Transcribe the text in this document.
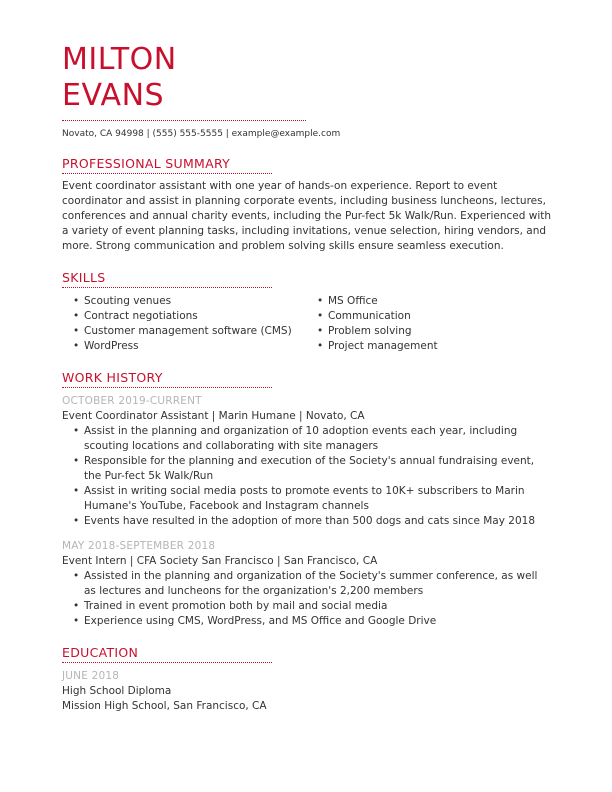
MILTON
EVANS
Novato, CA 94998 | (555) 555-5555 | example@example.com
PROFESSIONAL SUMMARY
Event coordinator assistant with one year of hands-on experience. Report to event coordinator and assist in planning corporate events, including business luncheons, lectures, conferences and annual charity events, including the Pur-fect 5k Walk/Run. Experienced with a variety of event planning tasks, including invitations, venue selection, hiring vendors, and more. Strong communication and problem solving skills ensure seamless execution.
SKILLS
• Scouting venues
• Contract negotiations
• Customer management software (CMS)
• WordPress
• MS Office
• Communication
• Problem solving
• Project management
WORK HISTORY
OCTOBER 2019-CURRENT
Event Coordinator Assistant | Marin Humane | Novato, CA
• Assist in the planning and organization of 10 adoption events each year, including scouting locations and collaborating with site managers
• Responsible for the planning and execution of the Society's annual fundraising event, the Pur-fect 5k Walk/Run
• Assist in writing social media posts to promote events to 10K+ subscribers to Marin Humane's YouTube, Facebook and Instagram channels
• Events have resulted in the adoption of more than 500 dogs and cats since May 2018
MAY 2018-SEPTEMBER 2018
Event Intern | CFA Society San Francisco | San Francisco, CA
• Assisted in the planning and organization of the Society's summer conference, as well as lectures and luncheons for the organization's 2,200 members
• Trained in event promotion both by mail and social media
• Experience using CMS, WordPress, and MS Office and Google Drive
EDUCATION
JUNE 2018
High School Diploma
Mission High School, San Francisco, CA
